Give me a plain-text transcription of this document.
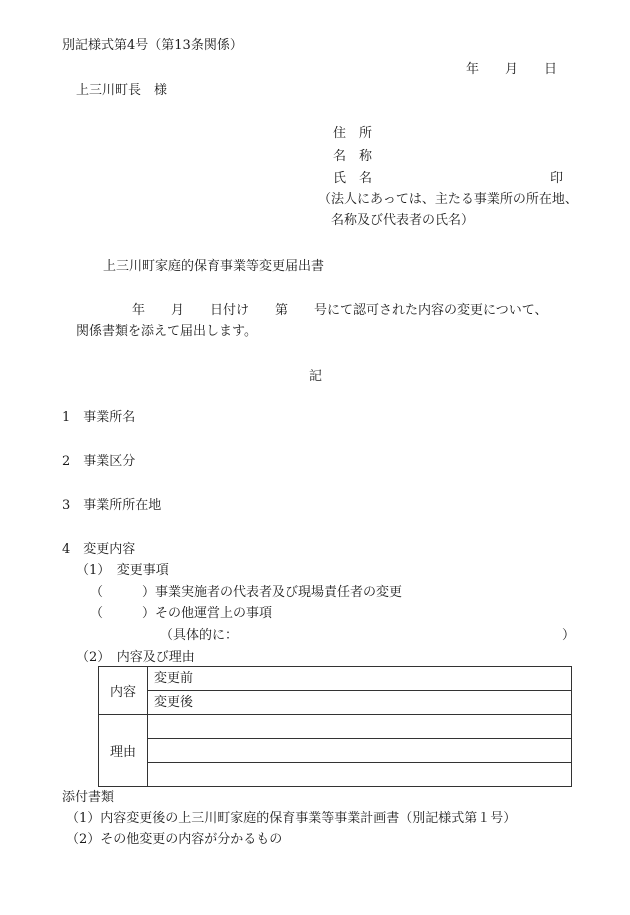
別記様式第4号（第13条関係）
年　　月　　日
上三川町長　様
住　所
名　称
氏　名	印
（法人にあっては、主たる事業所の所在地、
名称及び代表者の氏名）
上三川町家庭的保育事業等変更届出書
年　　月　　日付け　　第　　号にて認可された内容の変更について、
関係書類を添えて届出します。
記
1　事業所名
2　事業区分
3　事業所所在地
4　変更内容
（1）　変更事項
（　　　） 事業実施者の代表者及び現場責任者の変更
（　　　） その他運営上の事項
（具体的に：	）
（2）　内容及び理由
内容	変更前
	変更後
理由	

添付書類
（1）内容変更後の上三川町家庭的保育事業等事業計画書（別記様式第１号）
（2）その他変更の内容が分かるもの
